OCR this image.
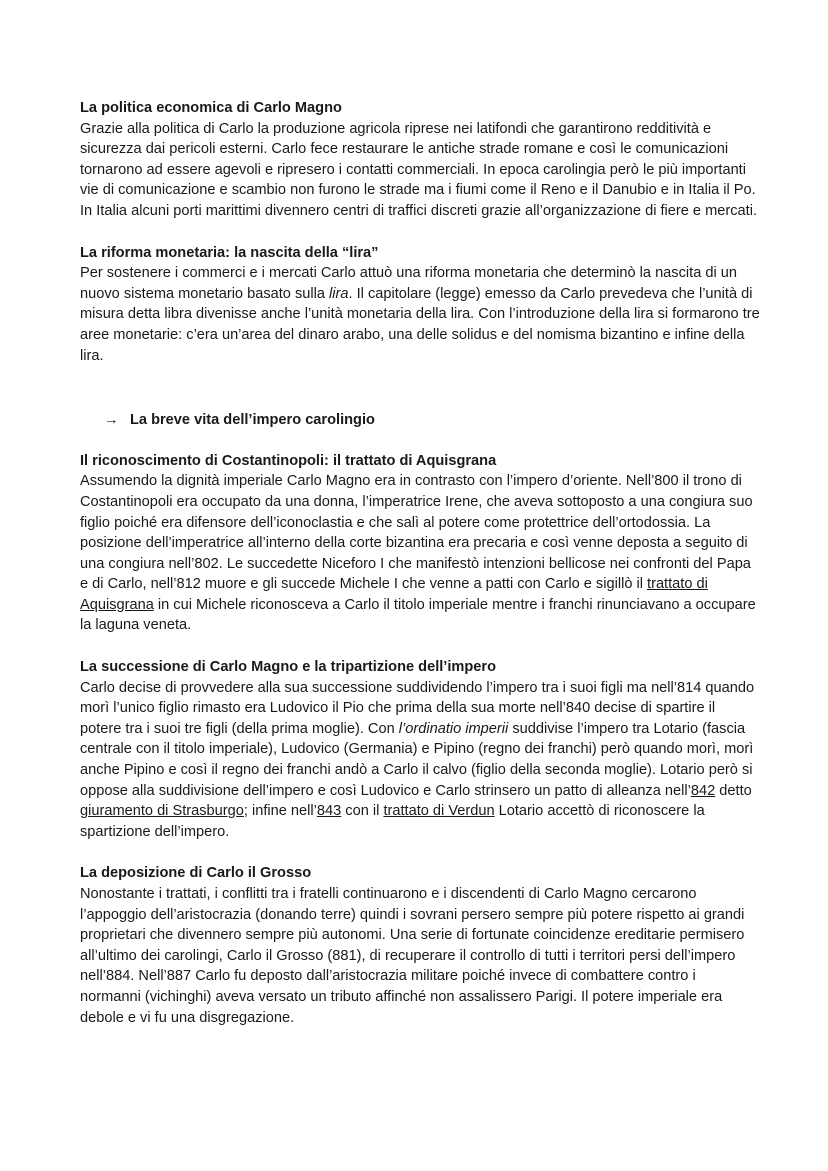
La politica economica di Carlo Magno

Grazie alla politica di Carlo la produzione agricola riprese nei latifondi che garantirono redditività e sicurezza dai pericoli esterni. Carlo fece restaurare le antiche strade romane e così le comunicazioni tornarono ad essere agevoli e ripresero i contatti commerciali. In epoca carolingia però le più importanti vie di comunicazione e scambio non furono le strade ma i fiumi come il Reno e il Danubio e in Italia il Po. In Italia alcuni porti marittimi divennero centri di traffici discreti grazie all’organizzazione di fiere e mercati.

La riforma monetaria: la nascita della “lira”

Per sostenere i commerci e i mercati Carlo attuò una riforma monetaria che determinò la nascita di un nuovo sistema monetario basato sulla lira. Il capitolare (legge) emesso da Carlo prevedeva che l’unità di misura detta libra divenisse anche l’unità monetaria della lira. Con l’introduzione della lira si formarono tre aree monetarie: c’era un’area del dinaro arabo, una delle solidus e del nomisma bizantino e infine della lira.

→ La breve vita dell’impero carolingio

Il riconoscimento di Costantinopoli: il trattato di Aquisgrana

Assumendo la dignità imperiale Carlo Magno era in contrasto con l’impero d’oriente. Nell’800 il trono di Costantinopoli era occupato da una donna, l’imperatrice Irene, che aveva sottoposto a una congiura suo figlio poiché era difensore dell’iconoclastia e che salì al potere come protettrice dell’ortodossia. La posizione dell’imperatrice all’interno della corte bizantina era precaria e così venne deposta a seguito di una congiura nell’802. Le succedette Niceforo I che manifestò intenzioni bellicose nei confronti del Papa e di Carlo, nell’812 muore e gli succede Michele I che venne a patti con Carlo e sigillò il trattato di Aquisgrana in cui Michele riconosceva a Carlo il titolo imperiale mentre i franchi rinunciavano a occupare la laguna veneta.

La successione di Carlo Magno e la tripartizione dell’impero

Carlo decise di provvedere alla sua successione suddividendo l’impero tra i suoi figli ma nell’814 quando morì l’unico figlio rimasto era Ludovico il Pio che prima della sua morte nell’840 decise di spartire il potere tra i suoi tre figli (della prima moglie). Con l’ordinatio imperii suddivise l’impero tra Lotario (fascia centrale con il titolo imperiale), Ludovico (Germania) e Pipino (regno dei franchi) però quando morì, morì anche Pipino e così il regno dei franchi andò a Carlo il calvo (figlio della seconda moglie). Lotario però si oppose alla suddivisione dell’impero e così Ludovico e Carlo strinsero un patto di alleanza nell’842 detto giuramento di Strasburgo; infine nell’843 con il trattato di Verdun Lotario accettò di riconoscere la spartizione dell’impero.

La deposizione di Carlo il Grosso

Nonostante i trattati, i conflitti tra i fratelli continuarono e i discendenti di Carlo Magno cercarono l’appoggio dell’aristocrazia (donando terre) quindi i sovrani persero sempre più potere rispetto ai grandi proprietari che divennero sempre più autonomi. Una serie di fortunate coincidenze ereditarie permisero all’ultimo dei carolingi, Carlo il Grosso (881), di recuperare il controllo di tutti i territori persi dell’impero nell’884. Nell’887 Carlo fu deposto dall’aristocrazia militare poiché invece di combattere contro i normanni (vichinghi) aveva versato un tributo affinché non assalissero Parigi. Il potere imperiale era debole e vi fu una disgregazione.
